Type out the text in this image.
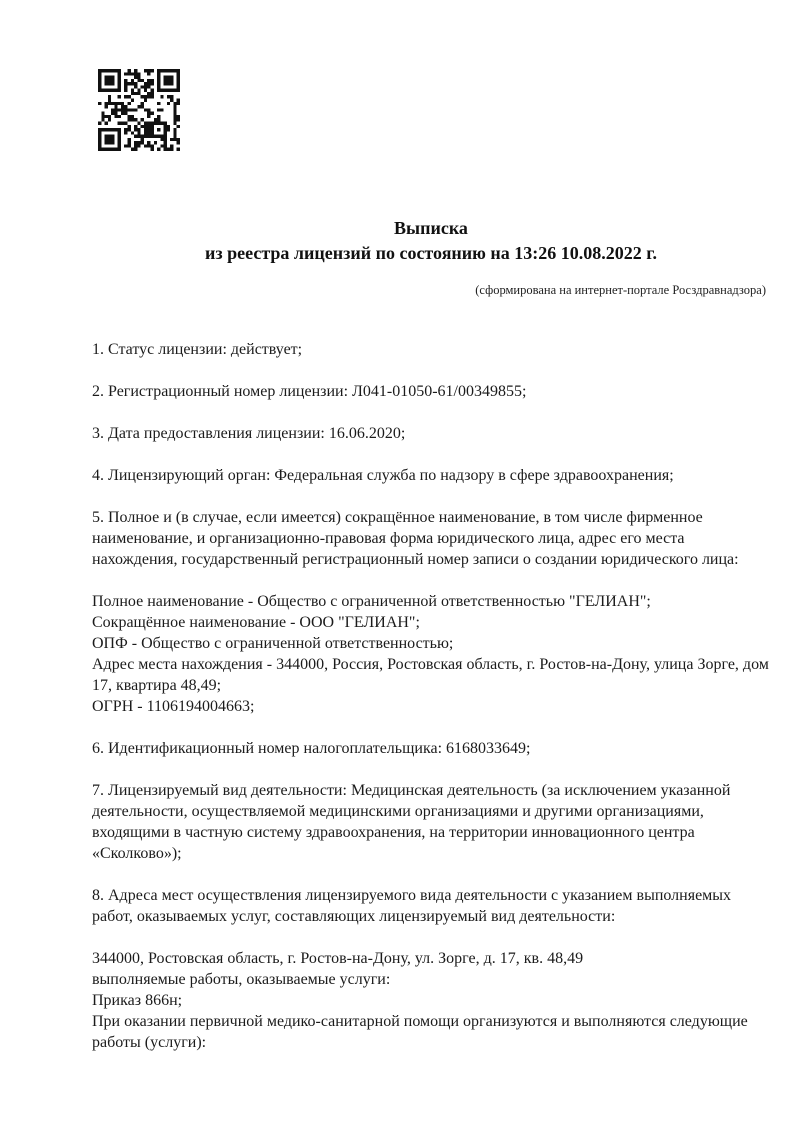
Выписка
из реестра лицензий по состоянию на 13:26 10.08.2022 г.
(сформирована на интернет-портале Росздравнадзора)

1. Статус лицензии: действует;

2. Регистрационный номер лицензии: Л041-01050-61/00349855;

3. Дата предоставления лицензии: 16.06.2020;

4. Лицензирующий орган: Федеральная служба по надзору в сфере здравоохранения;

5. Полное и (в случае, если имеется) сокращённое наименование, в том числе фирменное наименование, и организационно-правовая форма юридического лица, адрес его места нахождения, государственный регистрационный номер записи о создании юридического лица:

Полное наименование - Общество с ограниченной ответственностью "ГЕЛИАН";
Сокращённое наименование - ООО "ГЕЛИАН";
ОПФ - Общество с ограниченной ответственностью;
Адрес места нахождения - 344000, Россия, Ростовская область, г. Ростов-на-Дону, улица Зорге, дом 17, квартира 48,49;
ОГРН - 1106194004663;

6. Идентификационный номер налогоплательщика: 6168033649;

7. Лицензируемый вид деятельности: Медицинская деятельность (за исключением указанной деятельности, осуществляемой медицинскими организациями и другими организациями, входящими в частную систему здравоохранения, на территории инновационного центра «Сколково»);

8. Адреса мест осуществления лицензируемого вида деятельности с указанием выполняемых работ, оказываемых услуг, составляющих лицензируемый вид деятельности:

344000, Ростовская область, г. Ростов-на-Дону, ул. Зорге, д. 17, кв. 48,49
выполняемые работы, оказываемые услуги:
Приказ 866н;
При оказании первичной медико-санитарной помощи организуются и выполняются следующие работы (услуги):
